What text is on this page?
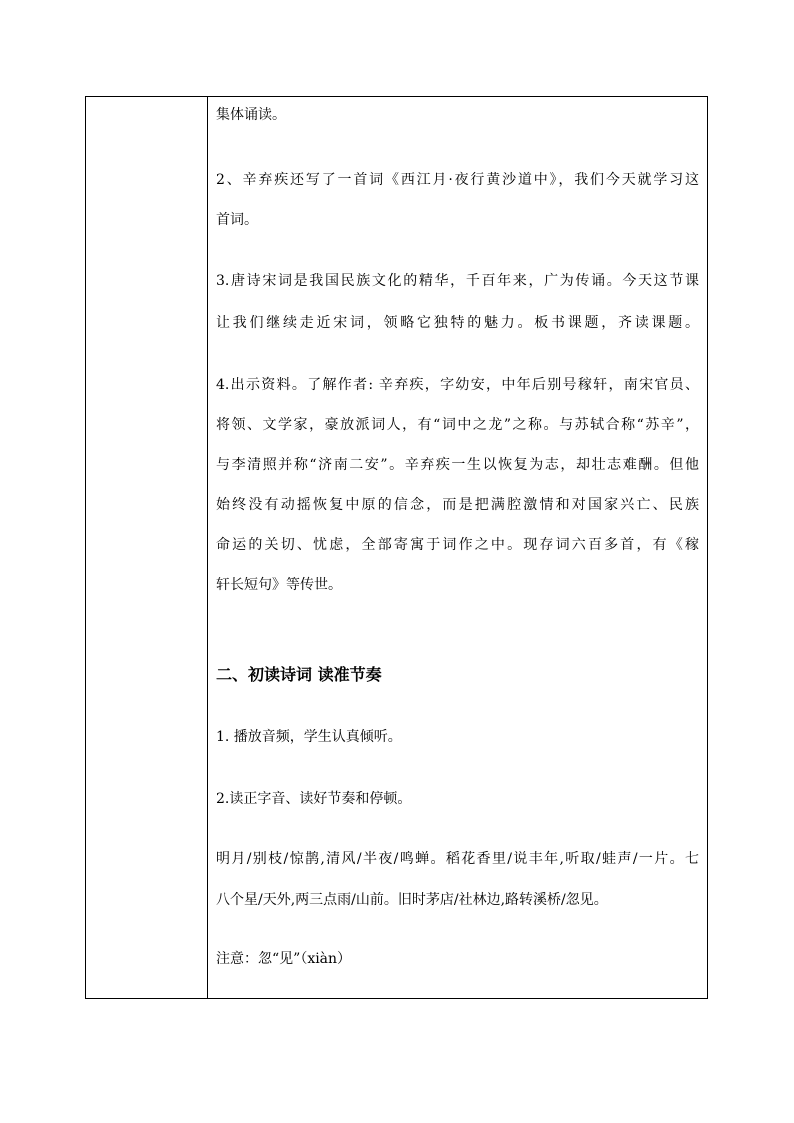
集体诵读。
2、辛弃疾还写了一首词《西江月·夜行黄沙道中》，我们今天就学习这
首词。
3.唐诗宋词是我国民族文化的精华，千百年来，广为传诵。今天这节课
让我们继续走近宋词，领略它独特的魅力。板书课题，齐读课题。
4.出示资料。了解作者: 辛弃疾，字幼安，中年后别号稼轩，南宋官员、
将领、文学家，豪放派词人，有“词中之龙”之称。与苏轼合称“苏辛”，
与李清照并称“济南二安”。辛弃疾一生以恢复为志，却壮志难酬。但他
始终没有动摇恢复中原的信念，而是把满腔激情和对国家兴亡、民族
命运的关切、忧虑，全部寄寓于词作之中。现存词六百多首，有《稼
轩长短句》等传世。
二、初读诗词 读准节奏
1. 播放音频，学生认真倾听。
2.读正字音、读好节奏和停顿。
明月/别枝/惊鹊,清风/半夜/鸣蝉。稻花香里/说丰年,听取/蛙声/一片。七
八个星/天外,两三点雨/山前。旧时茅店/社林边,路转溪桥/忽见。
注意：忽“见”（xiàn）
